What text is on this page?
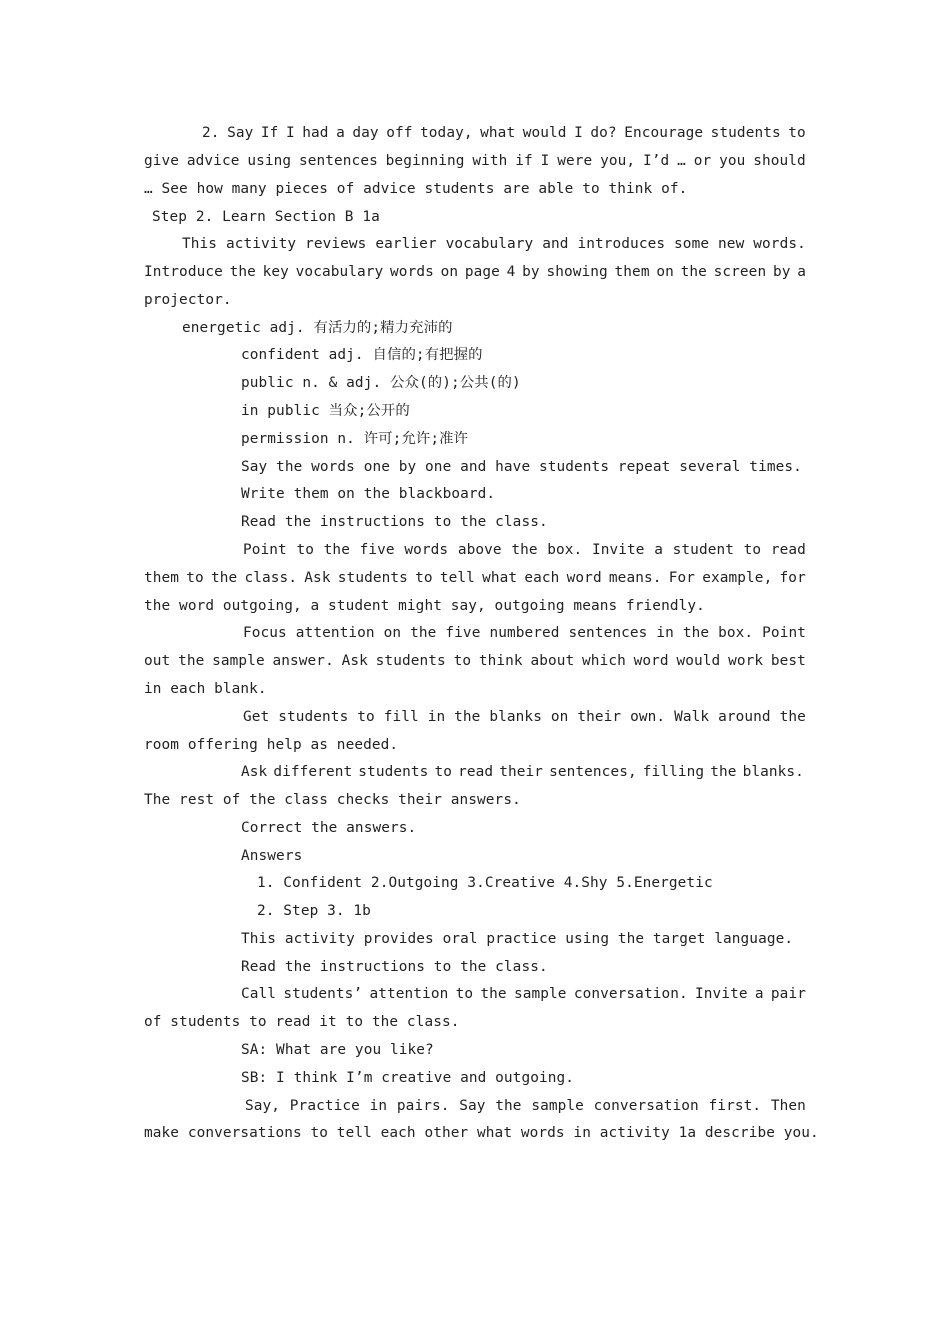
2. Say If I had a day off today, what would I do? Encourage students to
give advice using sentences beginning with if I were you, I’d … or you should
… See how many pieces of advice students are able to think of.
Step 2. Learn Section B 1a
This activity reviews earlier vocabulary and introduces some new words.
Introduce the key vocabulary words on page 4 by showing them on the screen by a
projector.
energetic adj. 有活力的;精力充沛的
confident adj. 自信的;有把握的
public n. & adj. 公众(的);公共(的)
in public 当众;公开的
permission n. 许可;允许;准许
Say the words one by one and have students repeat several times.
Write them on the blackboard.
Read the instructions to the class.
Point to the five words above the box. Invite a student to read
them to the class. Ask students to tell what each word means. For example, for
the word outgoing, a student might say, outgoing means friendly.
Focus attention on the five numbered sentences in the box. Point
out the sample answer. Ask students to think about which word would work best
in each blank.
Get students to fill in the blanks on their own. Walk around the
room offering help as needed.
Ask different students to read their sentences, filling the blanks.
The rest of the class checks their answers.
Correct the answers.
Answers
1. Confident 2.Outgoing 3.Creative 4.Shy 5.Energetic
2. Step 3. 1b
This activity provides oral practice using the target language.
Read the instructions to the class.
Call students’ attention to the sample conversation. Invite a pair
of students to read it to the class.
SA: What are you like?
SB: I think I’m creative and outgoing.
Say, Practice in pairs. Say the sample conversation first. Then
make conversations to tell each other what words in activity 1a describe you.
